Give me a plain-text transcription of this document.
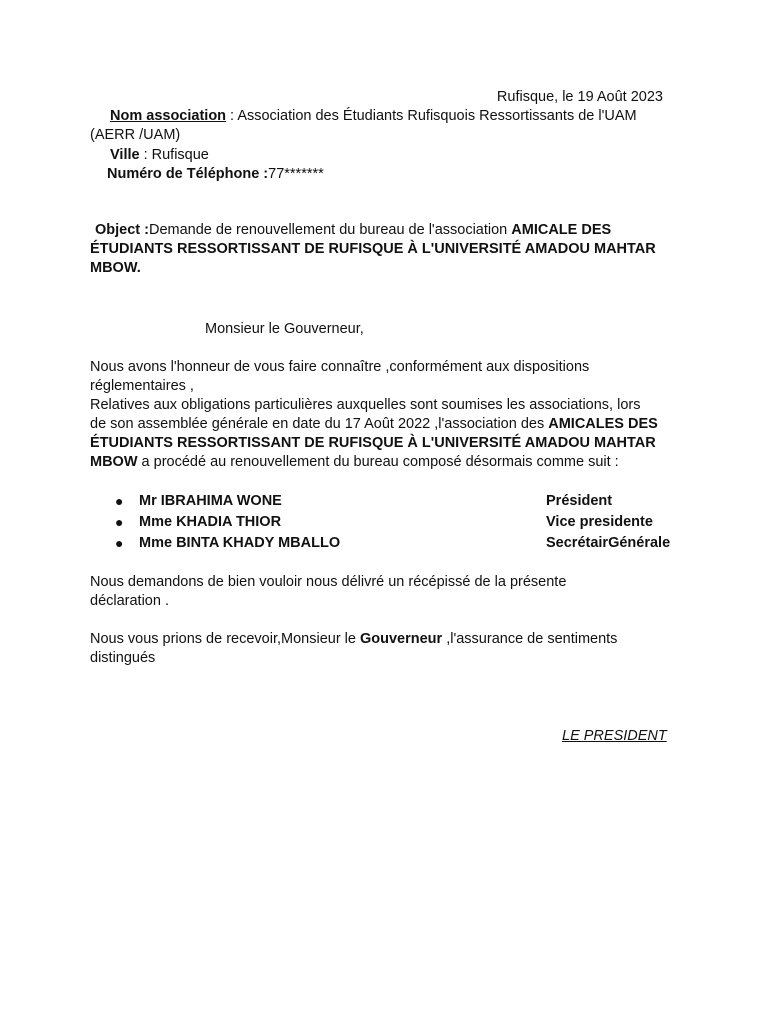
Rufisque, le 19 Août 2023
Nom association : Association des Étudiants Rufisquois Ressortissants de l'UAM
(AERR /UAM)
Ville : Rufisque
Numéro de Téléphone :77*******
Object :Demande de renouvellement du bureau de l'association AMICALE DES
ÉTUDIANTS RESSORTISSANT DE RUFISQUE À L'UNIVERSITÉ AMADOU MAHTAR
MBOW.
Monsieur le Gouverneur,
Nous avons l'honneur de vous faire connaître ,conformément aux dispositions
réglementaires ,
Relatives aux obligations particulières auxquelles sont soumises les associations, lors
de son assemblée générale en date du 17 Août 2022 ,l'association des AMICALES DES
ÉTUDIANTS RESSORTISSANT DE RUFISQUE À L'UNIVERSITÉ AMADOU MAHTAR
MBOW a procédé au renouvellement du bureau composé désormais comme suit :
● Mr IBRAHIMA WONE	Président
● Mme KHADIA THIOR	Vice presidente
● Mme BINTA KHADY MBALLO	SecrétairGénérale
Nous demandons de bien vouloir nous délivré un récépissé de la présente
déclaration .
Nous vous prions de recevoir,Monsieur le Gouverneur ,l'assurance de sentiments
distingués
LE PRESIDENT
